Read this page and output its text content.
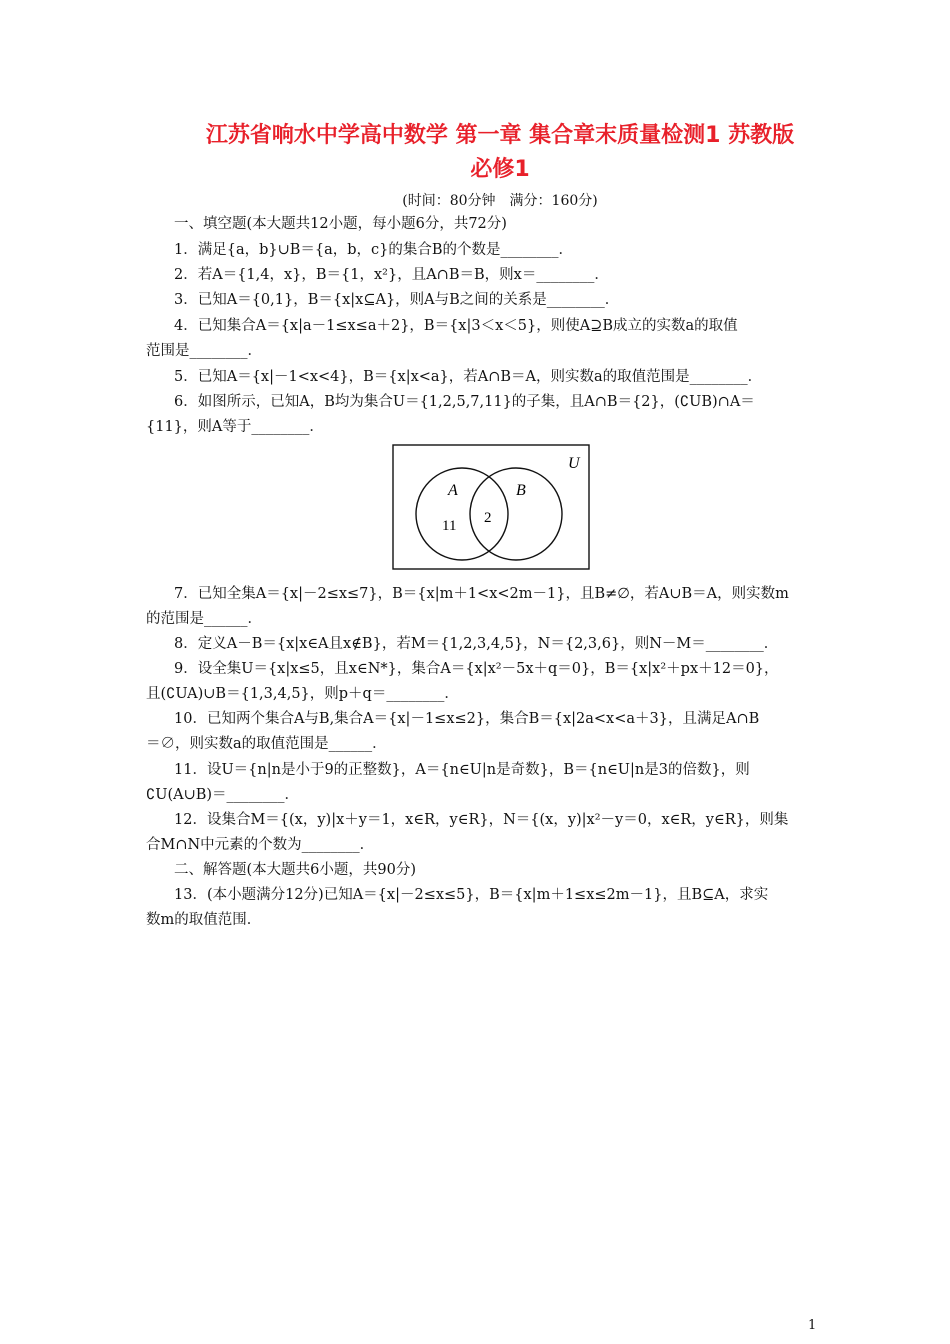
江苏省响水中学高中数学 第一章 集合章末质量检测1 苏教版
必修1
(时间：80分钟　满分：160分)
一、填空题(本大题共12小题，每小题6分，共72分)
1．满足{a，b}∪B＝{a，b，c}的集合B的个数是________．
2．若A＝{1,4，x}，B＝{1，x²}，且A∩B＝B，则x＝________．
3．已知A＝{0,1}，B＝{x|x⊆A}，则A与B之间的关系是________．
4．已知集合A＝{x|a－1≤x≤a＋2}，B＝{x|3＜x＜5}，则使A⊇B成立的实数a的取值
范围是________．
5．已知A＝{x|－1<x<4}，B＝{x|x<a}，若A∩B＝A，则实数a的取值范围是________．
6．如图所示，已知A，B均为集合U＝{1,2,5,7,11}的子集，且A∩B＝{2}，(∁UB)∩A＝
{11}，则A等于________．
U
A	B
11 2
7．已知全集A＝{x|－2≤x≤7}，B＝{x|m＋1<x<2m－1}，且B≠∅，若A∪B＝A，则实数m
的范围是______．
8．定义A－B＝{x|x∈A且x∉B}，若M＝{1,2,3,4,5}，N＝{2,3,6}，则N－M＝________．
9．设全集U＝{x|x≤5，且x∈N*}，集合A＝{x|x²－5x＋q＝0}，B＝{x|x²＋px＋12＝0}，
且(∁UA)∪B＝{1,3,4,5}，则p＋q＝________．
10．已知两个集合A与B,集合A＝{x|－1≤x≤2}，集合B＝{x|2a<x<a＋3}，且满足A∩B
＝∅，则实数a的取值范围是______．
11．设U＝{n|n是小于9的正整数}，A＝{n∈U|n是奇数}，B＝{n∈U|n是3的倍数}，则
∁U(A∪B)＝________．
12．设集合M＝{(x，y)|x＋y＝1，x∈R，y∈R}，N＝{(x，y)|x²－y＝0，x∈R，y∈R}，则集
合M∩N中元素的个数为________．
二、解答题(本大题共6小题，共90分)
13．(本小题满分12分)已知A＝{x|－2≤x≤5}，B＝{x|m＋1≤x≤2m－1}，且B⊆A，求实
数m的取值范围．
1
